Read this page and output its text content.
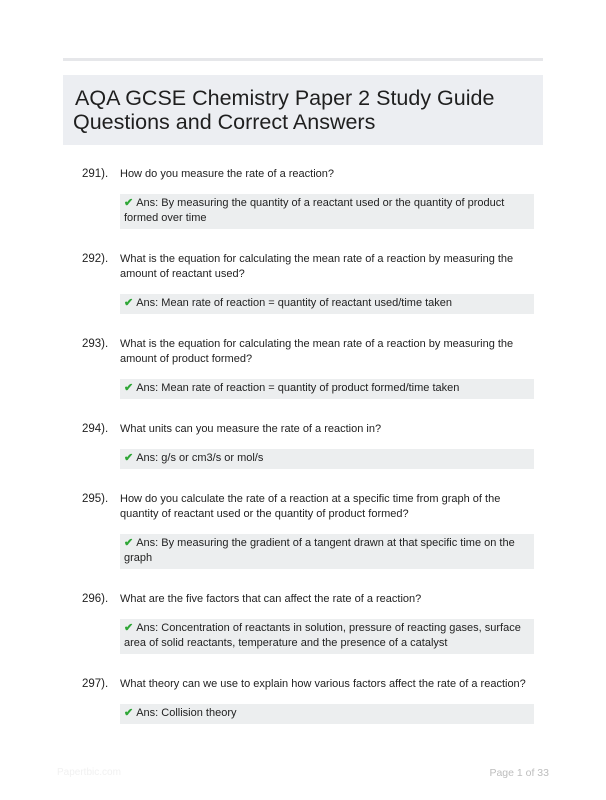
AQA GCSE Chemistry Paper 2 Study Guide
Questions and Correct Answers
291). How do you measure the rate of a reaction?
✔ Ans: By measuring the quantity of a reactant used or the quantity of product formed over time
292). What is the equation for calculating the mean rate of a reaction by measuring the amount of reactant used?
✔ Ans: Mean rate of reaction = quantity of reactant used/time taken
293). What is the equation for calculating the mean rate of a reaction by measuring the amount of product formed?
✔ Ans: Mean rate of reaction = quantity of product formed/time taken
294). What units can you measure the rate of a reaction in?
✔ Ans: g/s or cm3/s or mol/s
295). How do you calculate the rate of a reaction at a specific time from graph of the quantity of reactant used or the quantity of product formed?
✔ Ans: By measuring the gradient of a tangent drawn at that specific time on the graph
296). What are the five factors that can affect the rate of a reaction?
✔ Ans: Concentration of reactants in solution, pressure of reacting gases, surface area of solid reactants, temperature and the presence of a catalyst
297). What theory can we use to explain how various factors affect the rate of a reaction?
✔ Ans: Collision theory
Papertbic.com	Page 1 of 33
